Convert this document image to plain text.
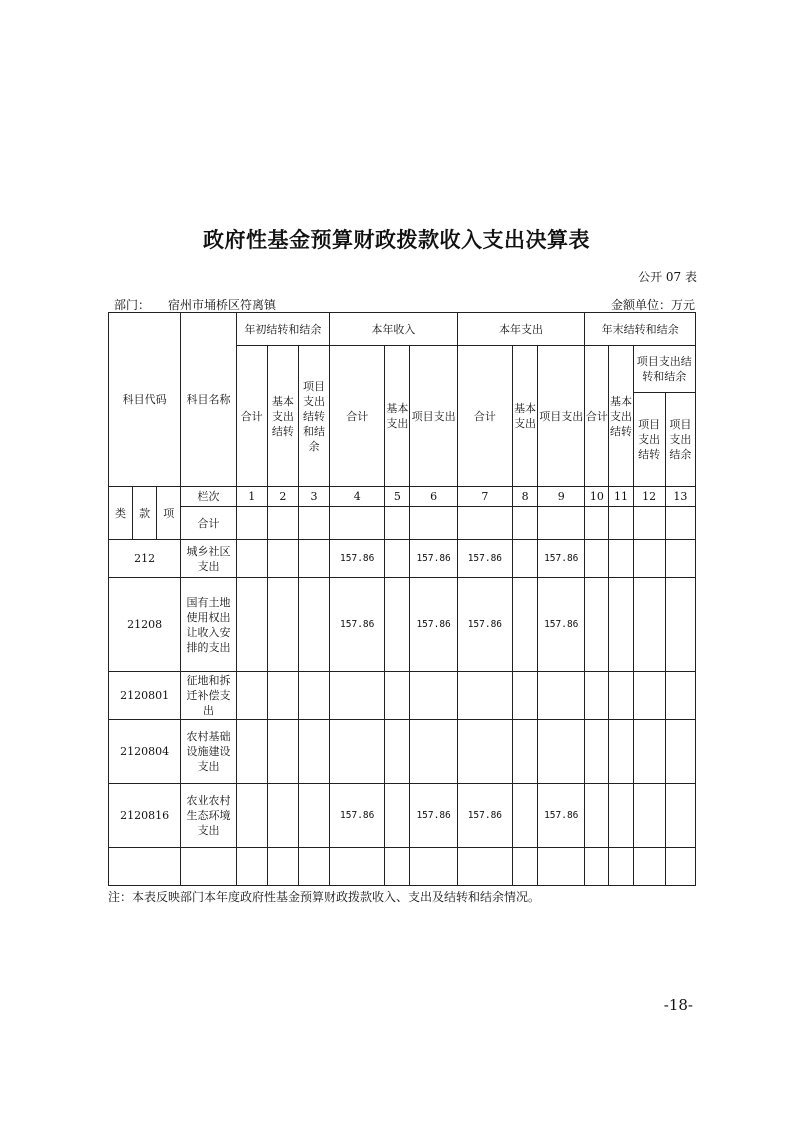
政府性基金预算财政拨款收入支出决算表
公开 07 表
部门： 宿州市埇桥区符离镇	金额单位：万元
科目代码			科目名称	年初结转和结余			本年收入			本年支出			年末结转和结余			
				合计	基本支出结转	项目支出结转和结余	合计	基本支出	项目支出	合计	基本支出	项目支出	合计	基本支出结转	项目支出结转和结余	
															项目支出结转	项目支出结余
类	款	项	栏次	1	2	3	4	5	6	7	8	9	10	11	12	13
			合计													
212			城乡社区支出				157.86		157.86	157.86		157.86				
21208			国有土地使用权出让收入安排的支出				157.86		157.86	157.86		157.86				
2120801			征地和拆迁补偿支出													
2120804			农村基础设施建设支出													
2120816			农业农村生态环境支出				157.86		157.86	157.86		157.86				

注：本表反映部门本年度政府性基金预算财政拨款收入、支出及结转和结余情况。
-18-
